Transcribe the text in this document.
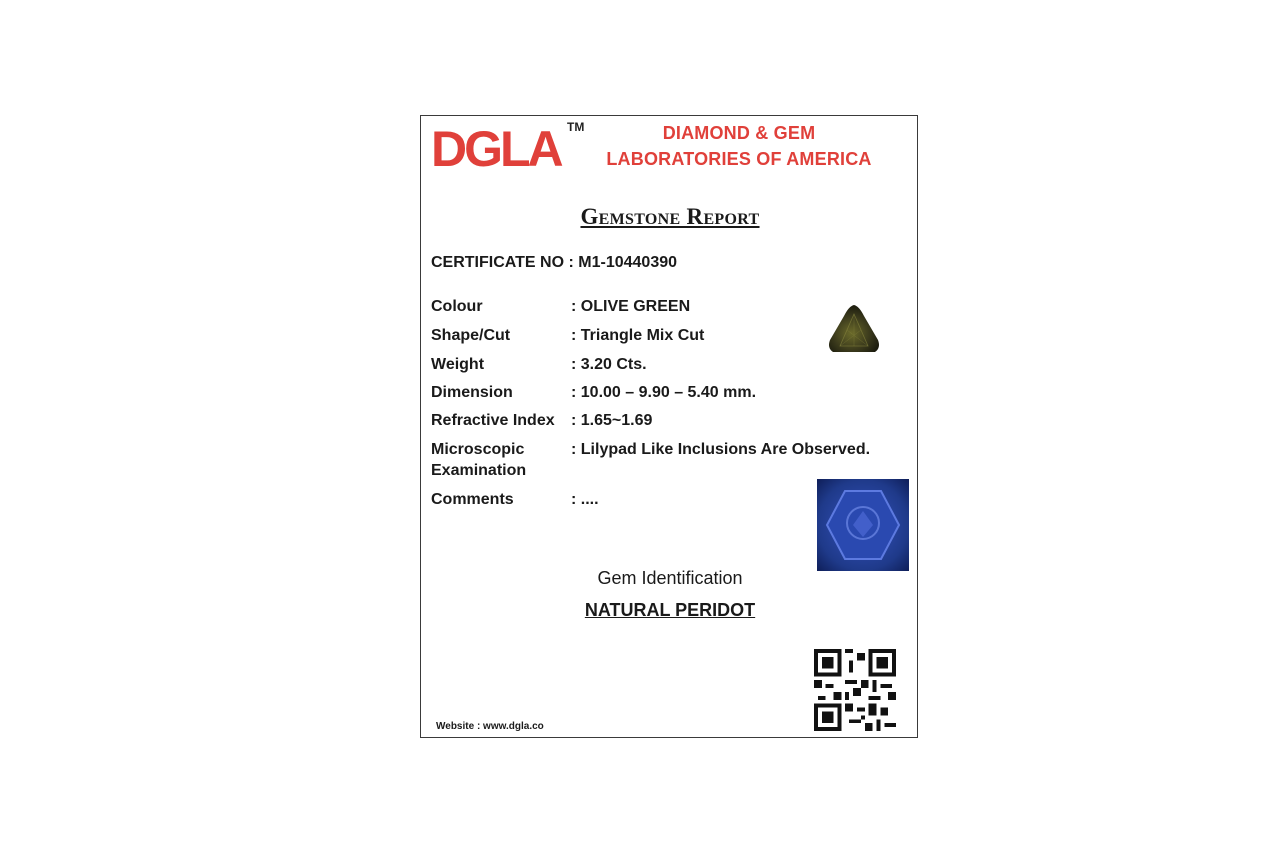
DGLA TM	DIAMOND & GEM
LABORATORIES OF AMERICA
Gemstone Report
CERTIFICATE NO : M1-10440390
Colour	: OLIVE GREEN
Shape/Cut	: Triangle Mix Cut
Weight	: 3.20 Cts.
Dimension	: 10.00 – 9.90 – 5.40 mm.
Refractive Index	: 1.65~1.69
Microscopic
Examination
: Lilypad Like Inclusions Are Observed.
Comments	: ....
Gem Identification
NATURAL PERIDOT
Website : www.dgla.co
